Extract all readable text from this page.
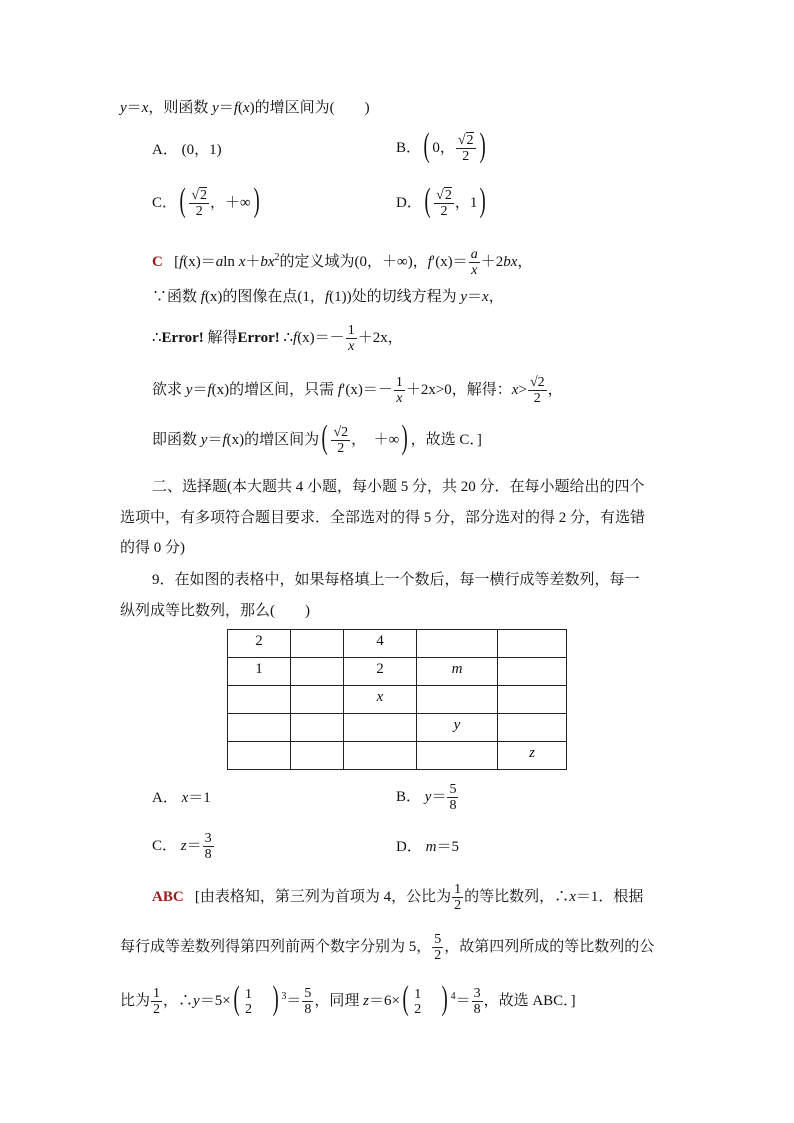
y＝x，则函数 y＝f(x)的增区间为(　　)
A． (0，1)	B．( 0， $\frac{√2}{2}$ )
C．( $\frac{√2}{2}$ ，＋∞)	D．( $\frac{√2}{2}$ ，1)
C [f(x)＝aln $x+bx^2$的定义域为(0，＋∞)，$f'(x)= \frac{a}{x} +2bx$，
∵函数 f(x)的图像在点(1，f(1))处的切线方程为 y＝x，
∴Error! 解得Error! ∴f(x)＝－ $\frac{1}{x} +2x$，
欲求 y＝f(x)的增区间，只需 $f'(x)=- \frac{1}{x} +2x>0$，解得：$x> \frac{√2}{2}$ ，
即函数 y＝f(x)的增区间为( $\frac{√2}{2}$ ，　＋∞) ，故选 C．]
二、选择题(本大题共 4 小题，每小题 5 分，共 20 分．在每小题给出的四个
选项中，有多项符合题目要求．全部选对的得 5 分，部分选对的得 2 分，有选错
的得 0 分)
9．在如图的表格中，如果每格填上一个数后，每一横行成等差数列，每一
纵列成等比数列，那么(　　)
2		4		
1		2	m	
		x		
			y	
				z
A． x＝1	B． $y= \frac{5}{8}$
C． $z= \frac{3}{8}$	D． m＝5
ABC [由表格知，第三列为首项为 4，公比为 $\frac{1}{2}$ 的等比数列，∴x＝1．根据
每行成等差数列得第四列前两个数字分别为 5， $\frac{5}{2}$ ，故第四列所成的等比数列的公
比为 $\frac{1}{2}$ ，∴y＝5×( 1
2 ) $^3= \frac{5}{8}$ ，同理 z＝6×( 1
2 ) $^4= \frac{3}{8}$ ，故选 ABC．]
